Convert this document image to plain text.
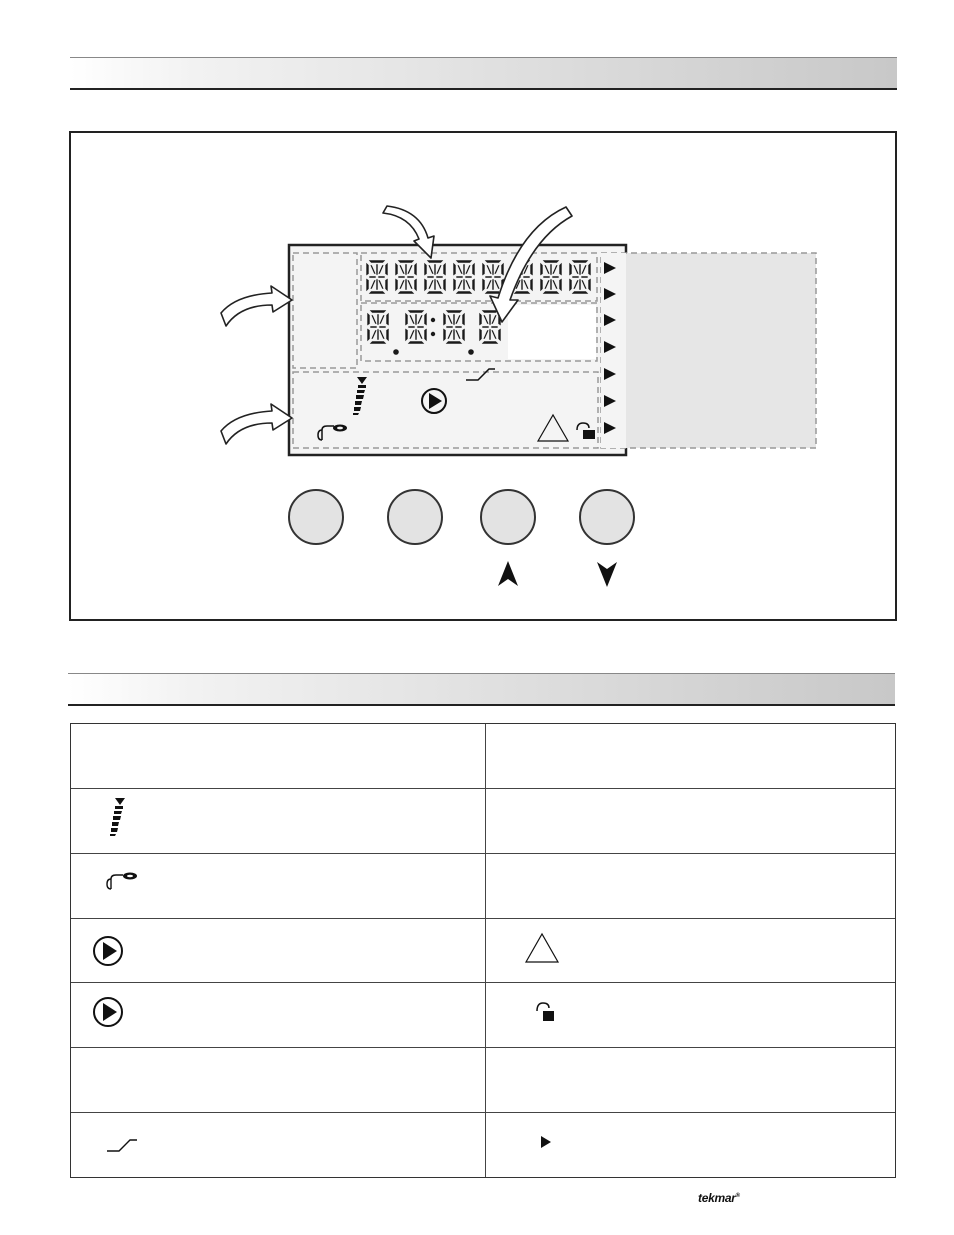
tekmar®
